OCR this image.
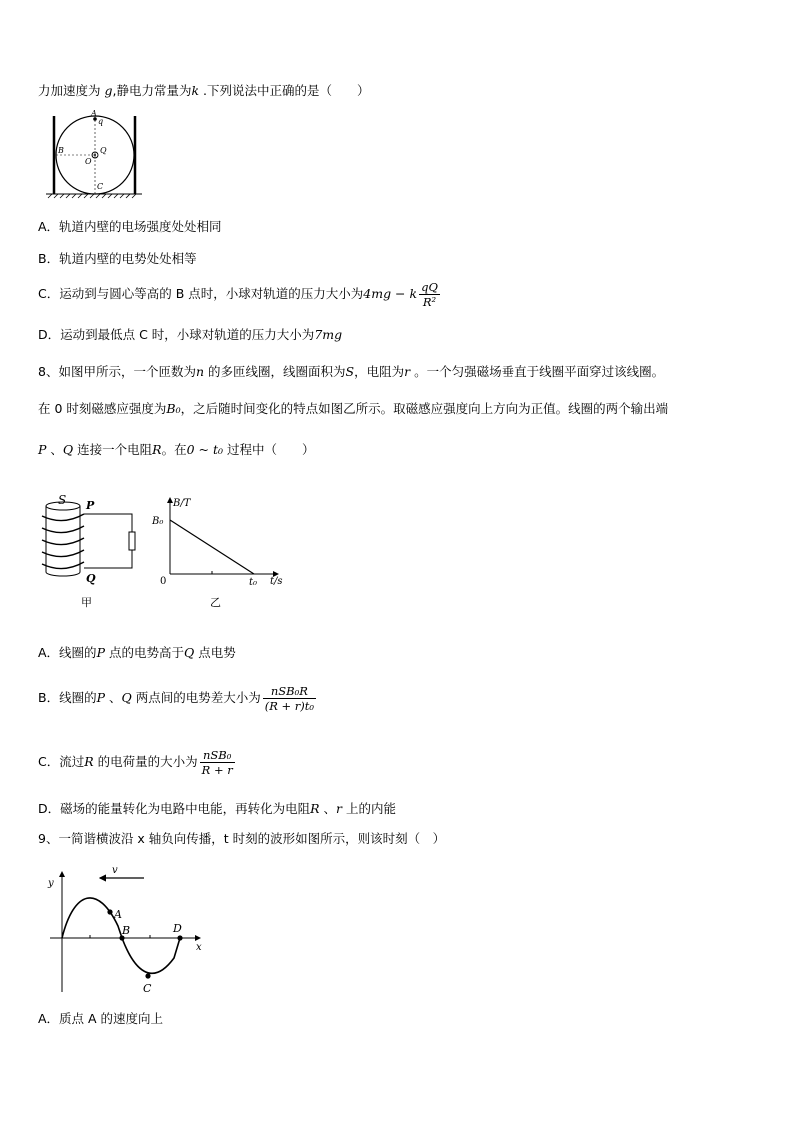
力加速度为 g,静电力常量为k .下列说法中正确的是（　　）
A
q
B	Q
O
C
A．轨道内壁的电场强度处处相同
B．轨道内壁的电势处处相等
C．运动到与圆心等高的 B 点时，小球对轨道的压力大小为4mg − k $\frac{qQ}{\text{R²}}$
D．运动到最低点 C 时，小球对轨道的压力大小为7mg
8、如图甲所示，一个匝数为n 的多匝线圈，线圈面积为S，电阻为r 。一个匀强磁场垂直于线圈平面穿过该线圈。
在 0 时刻磁感应强度为B₀，之后随时间变化的特点如图乙所示。取磁感应强度向上方向为正值。线圈的两个输出端
P 、Q 连接一个电阻R。在0 ~ t₀ 过程中（　　）
S P
Q
甲
B/T
B₀
0	t₀ t/s
乙
A．线圈的P 点的电势高于Q 点电势
B．线圈的P 、Q 两点间的电势差大小为 $\frac{\text{nSB₀R}}{\text{(R + r)t₀}}$
C．流过R 的电荷量的大小为 $\frac{\text{nSB₀}}{R + r}$
D．磁场的能量转化为电路中电能，再转化为电阻R 、r 上的内能
9、一简谐横波沿 x 轴负向传播，t 时刻的波形如图所示，则该时刻（　）
y
x
v
A
B
C
D
A．质点 A 的速度向上
